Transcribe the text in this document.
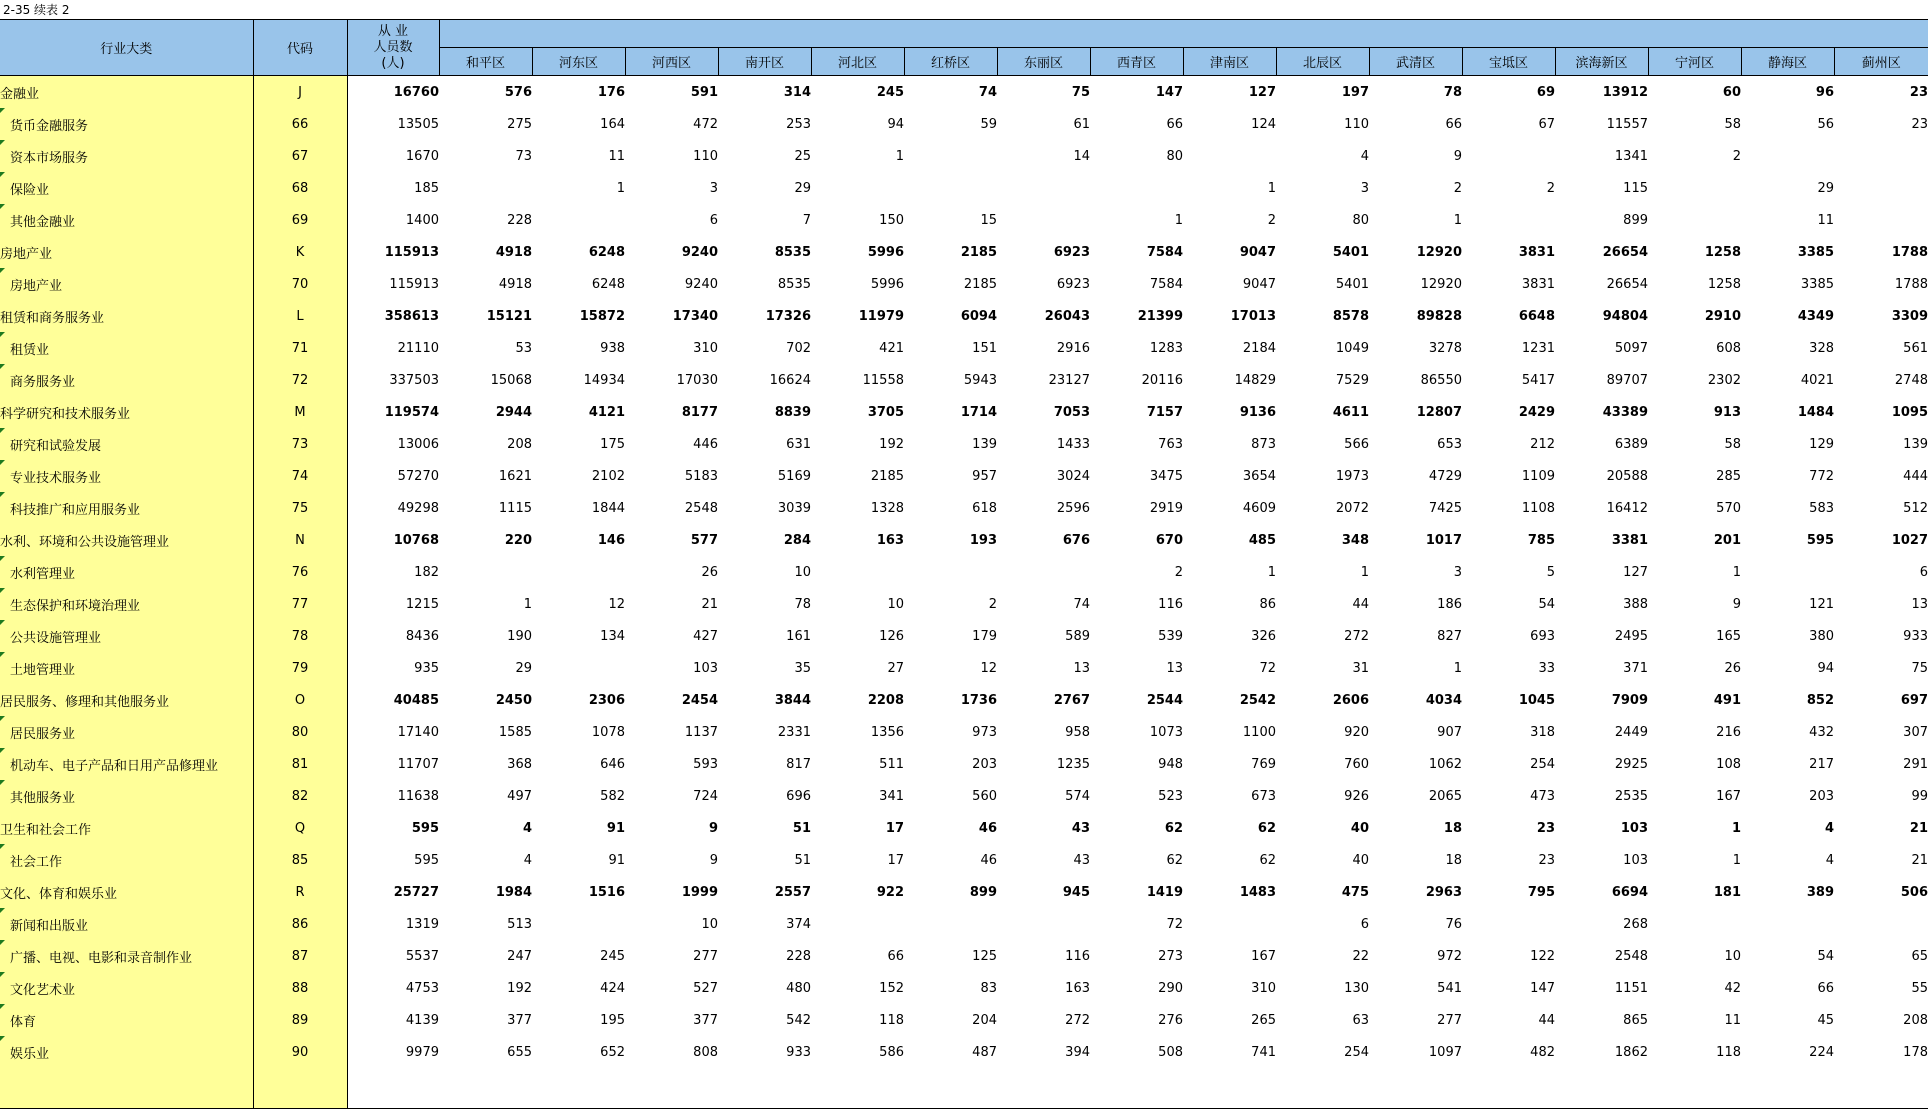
2-35 续表 2
行业大类	代码	从 业
人员数
(人)																

			和平区	河东区	河西区	南开区	河北区	红桥区	东丽区	西青区	津南区	北辰区	武清区	宝坻区	滨海新区	宁河区	静海区	蓟州区
金融业	J	16760	576	176	591	314	245	74	75	147	127	197	78	69	13912	60	96	23

货币金融服务	66	13505	275	164	472	253	94	59	61	66	124	110	66	67	11557	58	56	23

资本市场服务	67	1670	73	11	110	25	1		14	80		4	9		1341	2		

保险业	68	185		1	3	29					1	3	2	2	115		29	

其他金融业	69	1400	228		6	7	150	15		1	2	80	1		899		11	
房地产业	K	115913	4918	6248	9240	8535	5996	2185	6923	7584	9047	5401	12920	3831	26654	1258	3385	1788

房地产业	70	115913	4918	6248	9240	8535	5996	2185	6923	7584	9047	5401	12920	3831	26654	1258	3385	1788
租赁和商务服务业	L	358613	15121	15872	17340	17326	11979	6094	26043	21399	17013	8578	89828	6648	94804	2910	4349	3309

租赁业	71	21110	53	938	310	702	421	151	2916	1283	2184	1049	3278	1231	5097	608	328	561

商务服务业	72	337503	15068	14934	17030	16624	11558	5943	23127	20116	14829	7529	86550	5417	89707	2302	4021	2748
科学研究和技术服务业	M	119574	2944	4121	8177	8839	3705	1714	7053	7157	9136	4611	12807	2429	43389	913	1484	1095

研究和试验发展	73	13006	208	175	446	631	192	139	1433	763	873	566	653	212	6389	58	129	139

专业技术服务业	74	57270	1621	2102	5183	5169	2185	957	3024	3475	3654	1973	4729	1109	20588	285	772	444

科技推广和应用服务业	75	49298	1115	1844	2548	3039	1328	618	2596	2919	4609	2072	7425	1108	16412	570	583	512
水利、环境和公共设施管理业	N	10768	220	146	577	284	163	193	676	670	485	348	1017	785	3381	201	595	1027

水利管理业	76	182			26	10				2	1	1	3	5	127	1		6

生态保护和环境治理业	77	1215	1	12	21	78	10	2	74	116	86	44	186	54	388	9	121	13

公共设施管理业	78	8436	190	134	427	161	126	179	589	539	326	272	827	693	2495	165	380	933

土地管理业	79	935	29		103	35	27	12	13	13	72	31	1	33	371	26	94	75
居民服务、修理和其他服务业	O	40485	2450	2306	2454	3844	2208	1736	2767	2544	2542	2606	4034	1045	7909	491	852	697

居民服务业	80	17140	1585	1078	1137	2331	1356	973	958	1073	1100	920	907	318	2449	216	432	307

机动车、电子产品和日用产品修理业	81	11707	368	646	593	817	511	203	1235	948	769	760	1062	254	2925	108	217	291

其他服务业	82	11638	497	582	724	696	341	560	574	523	673	926	2065	473	2535	167	203	99
卫生和社会工作	Q	595	4	91	9	51	17	46	43	62	62	40	18	23	103	1	4	21

社会工作	85	595	4	91	9	51	17	46	43	62	62	40	18	23	103	1	4	21
文化、体育和娱乐业	R	25727	1984	1516	1999	2557	922	899	945	1419	1483	475	2963	795	6694	181	389	506

新闻和出版业	86	1319	513		10	374				72		6	76		268			

广播、电视、电影和录音制作业	87	5537	247	245	277	228	66	125	116	273	167	22	972	122	2548	10	54	65

文化艺术业	88	4753	192	424	527	480	152	83	163	290	310	130	541	147	1151	42	66	55

体育	89	4139	377	195	377	542	118	204	272	276	265	63	277	44	865	11	45	208

娱乐业	90	9979	655	652	808	933	586	487	394	508	741	254	1097	482	1862	118	224	178
